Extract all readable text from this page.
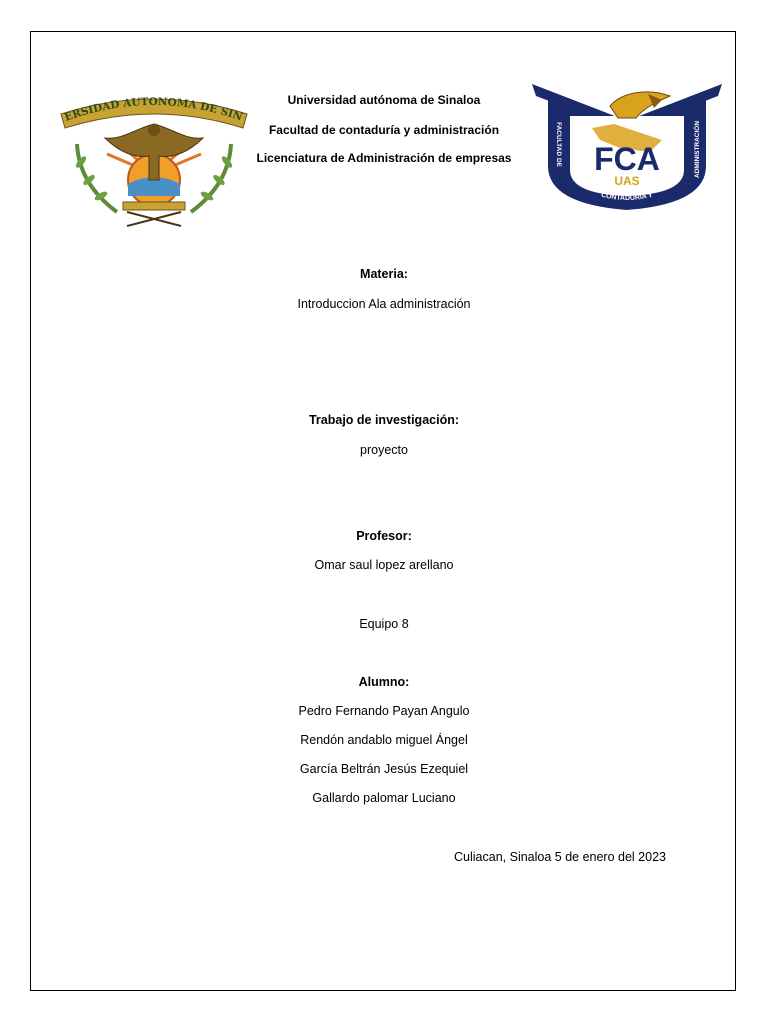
ERSIDAD AUTONOMA DE SIN
FCA
UAS
FACULTAD DE	ADMINISTRACIÓN
CONTADURÍA Y
Universidad autónoma de Sinaloa
Facultad de contaduría y administración
Licenciatura de Administración de empresas
Materia:
Introduccion Ala administración
Trabajo de investigación:
proyecto
Profesor:
Omar saul lopez arellano
Equipo 8
Alumno:
Pedro Fernando Payan Angulo
Rendón andablo miguel Ángel
García Beltrán Jesús Ezequiel
Gallardo palomar Luciano
Culiacan, Sinaloa 5 de enero del 2023
